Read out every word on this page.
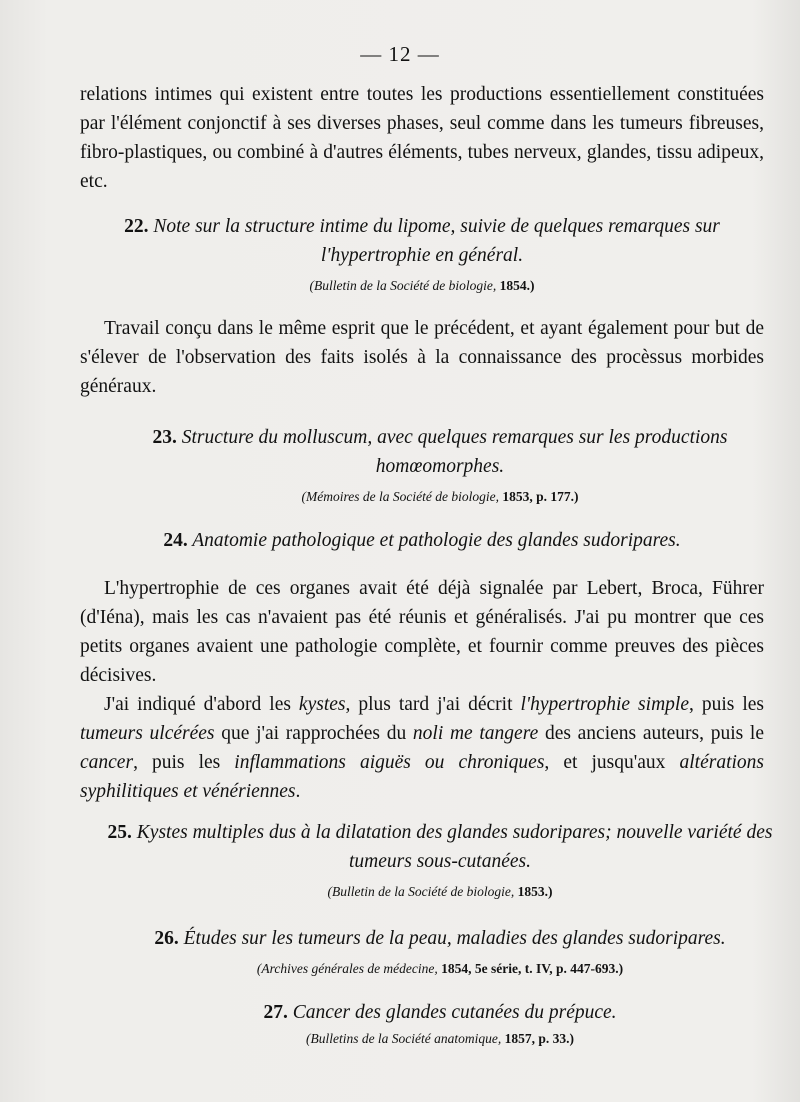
— 12 —

relations intimes qui existent entre toutes les productions essentiellement constituées par l'élément conjonctif à ses diverses phases, seul comme dans les tumeurs fibreuses, fibro-plastiques, ou combiné à d'autres éléments, tubes nerveux, glandes, tissu adipeux, etc.

22. Note sur la structure intime du lipome, suivie de quelques remarques sur l'hypertrophie en général.

(Bulletin de la Société de biologie, 1854.)

Travail conçu dans le même esprit que le précédent, et ayant également pour but de s'élever de l'observation des faits isolés à la connaissance des procèssus morbides généraux.

23. Structure du molluscum, avec quelques remarques sur les productions homœomorphes.

(Mémoires de la Société de biologie, 1853, p. 177.)

24. Anatomie pathologique et pathologie des glandes sudoripares.

L'hypertrophie de ces organes avait été déjà signalée par Lebert, Broca, Führer (d'Iéna), mais les cas n'avaient pas été réunis et généralisés. J'ai pu montrer que ces petits organes avaient une pathologie complète, et fournir comme preuves des pièces décisives.

J'ai indiqué d'abord les kystes, plus tard j'ai décrit l'hypertrophie simple, puis les tumeurs ulcérées que j'ai rapprochées du noli me tangere des anciens auteurs, puis le cancer, puis les inflammations aiguës ou chroniques, et jusqu'aux altérations syphilitiques et vénériennes.

25. Kystes multiples dus à la dilatation des glandes sudoripares; nouvelle variété des tumeurs sous-cutanées.

(Bulletin de la Société de biologie, 1853.)

26. Études sur les tumeurs de la peau, maladies des glandes sudoripares.

(Archives générales de médecine, 1854, 5e série, t. IV, p. 447-693.)

27. Cancer des glandes cutanées du prépuce.

(Bulletins de la Société anatomique, 1857, p. 33.)
